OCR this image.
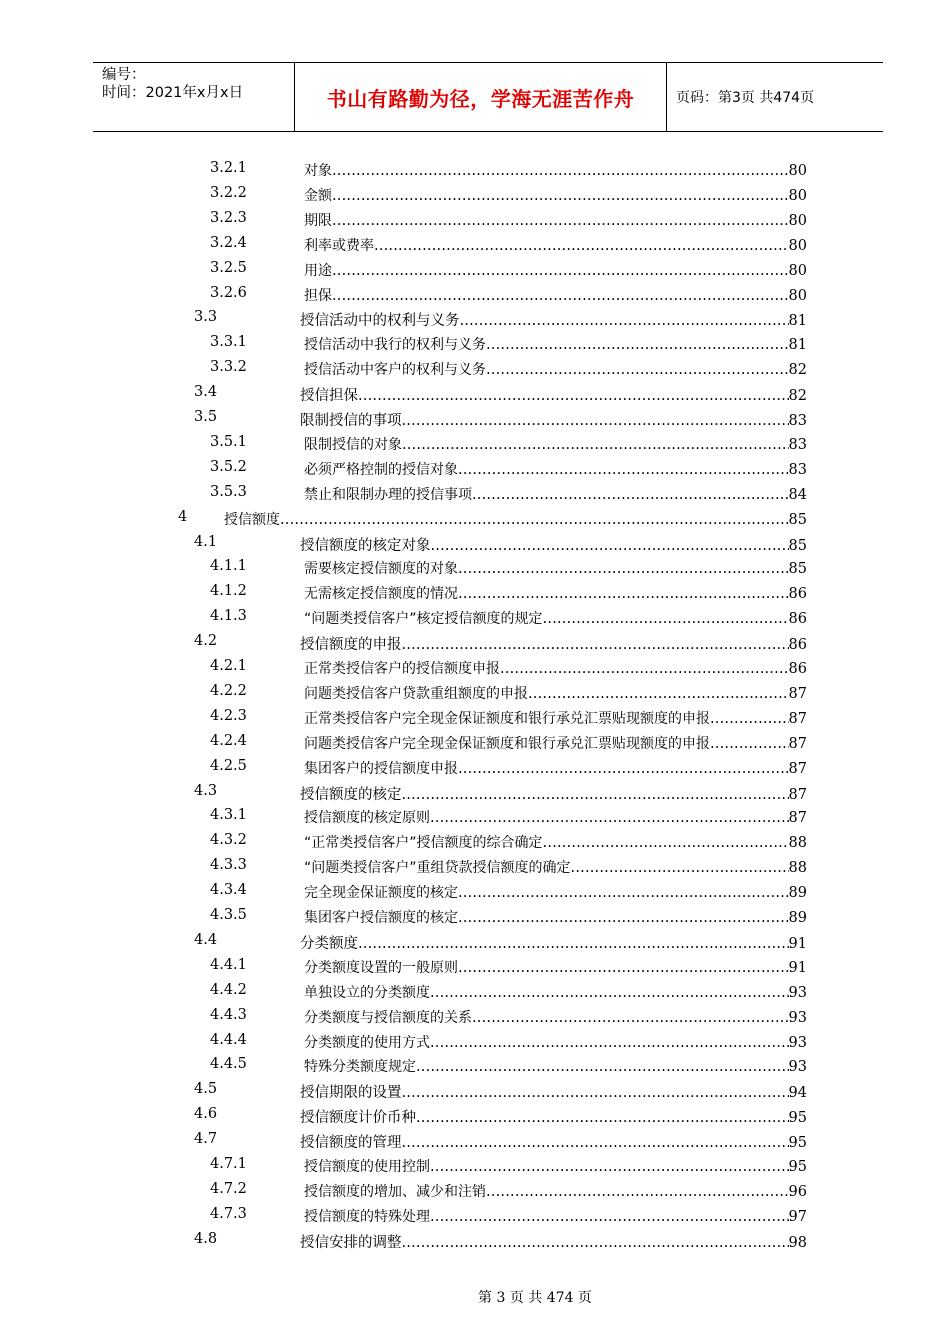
编号：
时间：2021年x月x日	书山有路勤为径，学海无涯苦作舟	页码：第3页 共474页
3.2.1	对象 .....	80
3.2.2	金额 .....	80
3.2.3	期限 .....	80
3.2.4	利率或费率 .....	80
3.2.5	用途 .....	80
3.2.6	担保 .....	80
3.3	授信活动中的权利与义务 .....	81
3.3.1	授信活动中我行的权利与义务 .....	81
3.3.2	授信活动中客户的权利与义务 .....	82
3.4	授信担保 .....	82
3.5	限制授信的事项 .....	83
3.5.1	限制授信的对象 .....	83
3.5.2	必须严格控制的授信对象 .....	83
3.5.3	禁止和限制办理的授信事项 .....	84
4	授信额度 .....	85
4.1	授信额度的核定对象 .....	85
4.1.1	需要核定授信额度的对象 .....	85
4.1.2	无需核定授信额度的情况 .....	86
4.1.3	“问题类授信客户”核定授信额度的规定 .....	86
4.2	授信额度的申报 .....	86
4.2.1	正常类授信客户的授信额度申报 .....	86
4.2.2	问题类授信客户贷款重组额度的申报 .....	87
4.2.3	正常类授信客户完全现金保证额度和银行承兑汇票贴现额度的申报 .....	87
4.2.4	问题类授信客户完全现金保证额度和银行承兑汇票贴现额度的申报 .....	87
4.2.5	集团客户的授信额度申报 .....	87
4.3	授信额度的核定 .....	87
4.3.1	授信额度的核定原则 .....	87
4.3.2	“正常类授信客户”授信额度的综合确定 .....	88
4.3.3	“问题类授信客户”重组贷款授信额度的确定 .....	88
4.3.4	完全现金保证额度的核定 .....	89
4.3.5	集团客户授信额度的核定 .....	89
4.4	分类额度 .....	91
4.4.1	分类额度设置的一般原则 .....	91
4.4.2	单独设立的分类额度 .....	93
4.4.3	分类额度与授信额度的关系 .....	93
4.4.4	分类额度的使用方式 .....	93
4.4.5	特殊分类额度规定 .....	93
4.5	授信期限的设置 .....	94
4.6	授信额度计价币种 .....	95
4.7	授信额度的管理 .....	95
4.7.1	授信额度的使用控制 .....	95
4.7.2	授信额度的增加、减少和注销 .....	96
4.7.3	授信额度的特殊处理 .....	97
4.8	授信安排的调整 .....	98
第 3 页 共 474 页
